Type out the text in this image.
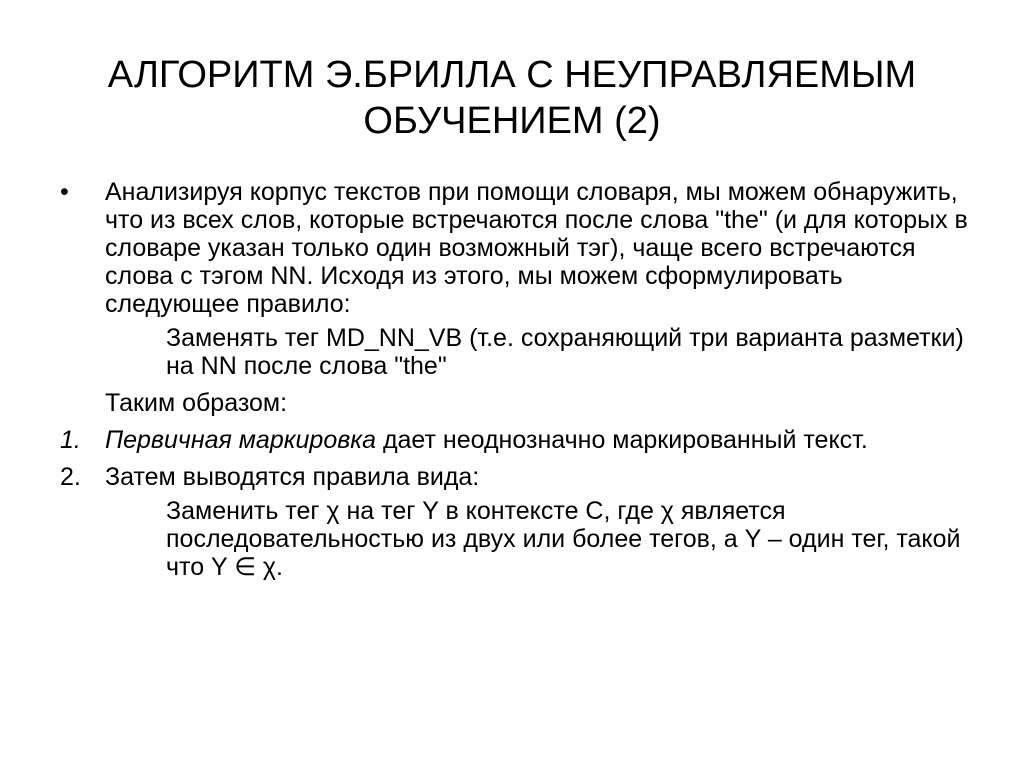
АЛГОРИТМ Э.БРИЛЛА С НЕУПРАВЛЯЕМЫМ
ОБУЧЕНИЕМ (2)
•	Анализируя корпус текстов при помощи словаря, мы можем обнаружить, что из всех слов, которые встречаются после слова "the" (и для которых в словаре указан только один возможный тэг), чаще всего встречаются слова с тэгом NN. Исходя из этого, мы можем сформулировать следующее правило:
Заменять тег MD_NN_VB (т.е. сохраняющий три варианта разметки) на NN после слова "the"
Таким образом:
1. Первичная маркировка дает неоднозначно маркированный текст.
2. Затем выводятся правила вида:
Заменить тег χ на тег Y в контексте С, где χ является последовательностью из двух или более тегов, а Y – один тег, такой что Y ∈ χ.
